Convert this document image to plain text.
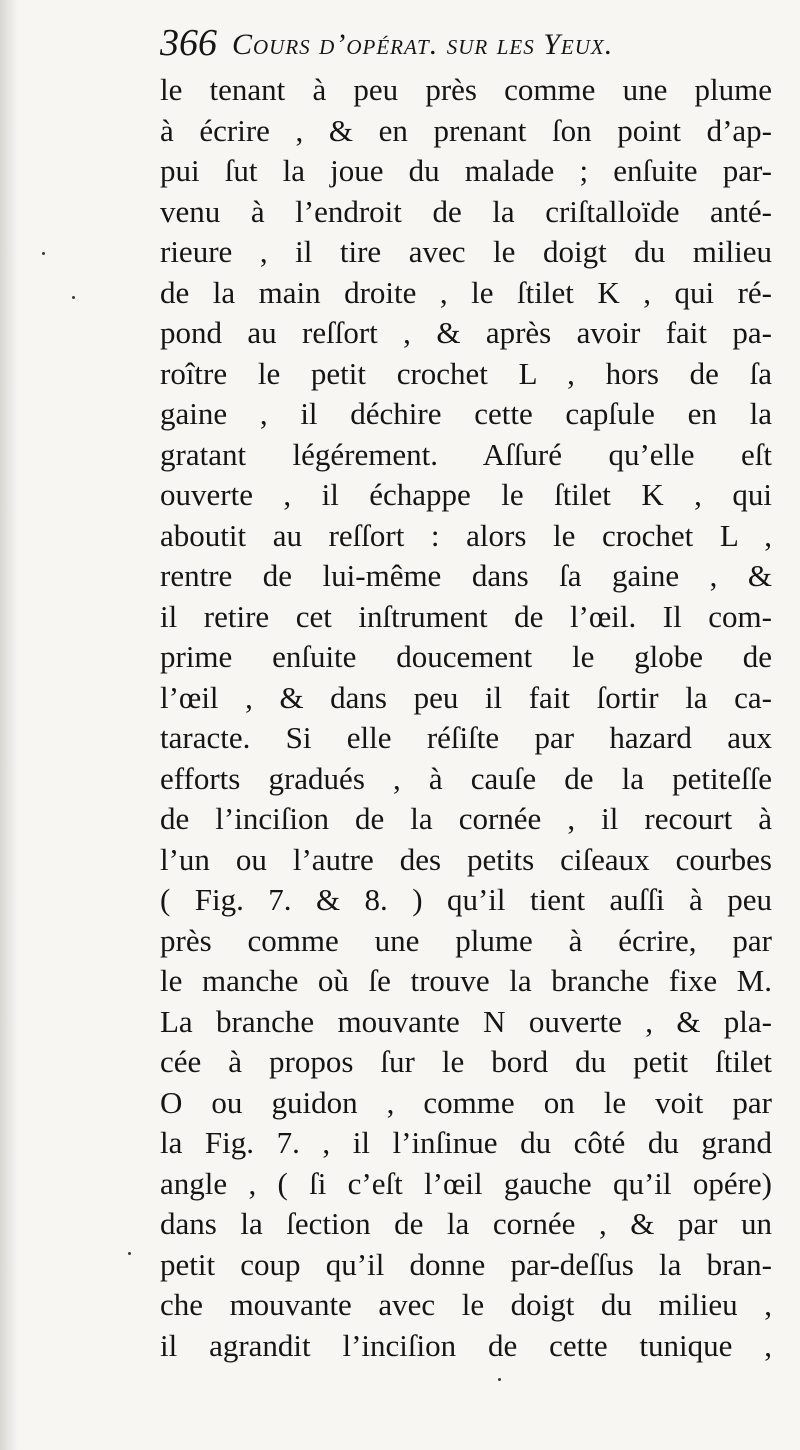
366 Cours d’opérat. sur les Yeux.
le tenant à peu près comme une plume
à écrire , & en prenant ſon point d’ap-
pui ſut la joue du malade ; enſuite par-
venu à l’endroit de la criſtalloïde anté-
rieure , il tire avec le doigt du milieu
de la main droite , le ſtilet K , qui ré-
pond au reſſort , & après avoir fait pa-
roître le petit crochet L , hors de ſa
gaine , il déchire cette capſule en la
gratant légérement. Aſſuré qu’elle eſt
ouverte , il échappe le ſtilet K , qui
aboutit au reſſort : alors le crochet L ,
rentre de lui-même dans ſa gaine , &
il retire cet inſtrument de l’œil. Il com-
prime enſuite doucement le globe de
l’œil , & dans peu il fait ſortir la ca-
taracte. Si elle réſiſte par hazard aux
efforts gradués , à cauſe de la petiteſſe
de l’inciſion de la cornée , il recourt à
l’un ou l’autre des petits ciſeaux courbes
( Fig. 7. & 8. ) qu’il tient auſſi à peu
près comme une plume à écrire, par
le manche où ſe trouve la branche fixe M.
La branche mouvante N ouverte , & pla-
cée à propos ſur le bord du petit ſtilet
O ou guidon , comme on le voit par
la Fig. 7. , il l’inſinue du côté du grand
angle , ( ſi c’eſt l’œil gauche qu’il opére)
dans la ſection de la cornée , & par un
petit coup qu’il donne par-deſſus la bran-
che mouvante avec le doigt du milieu ,
il agrandit l’inciſion de cette tunique ,
